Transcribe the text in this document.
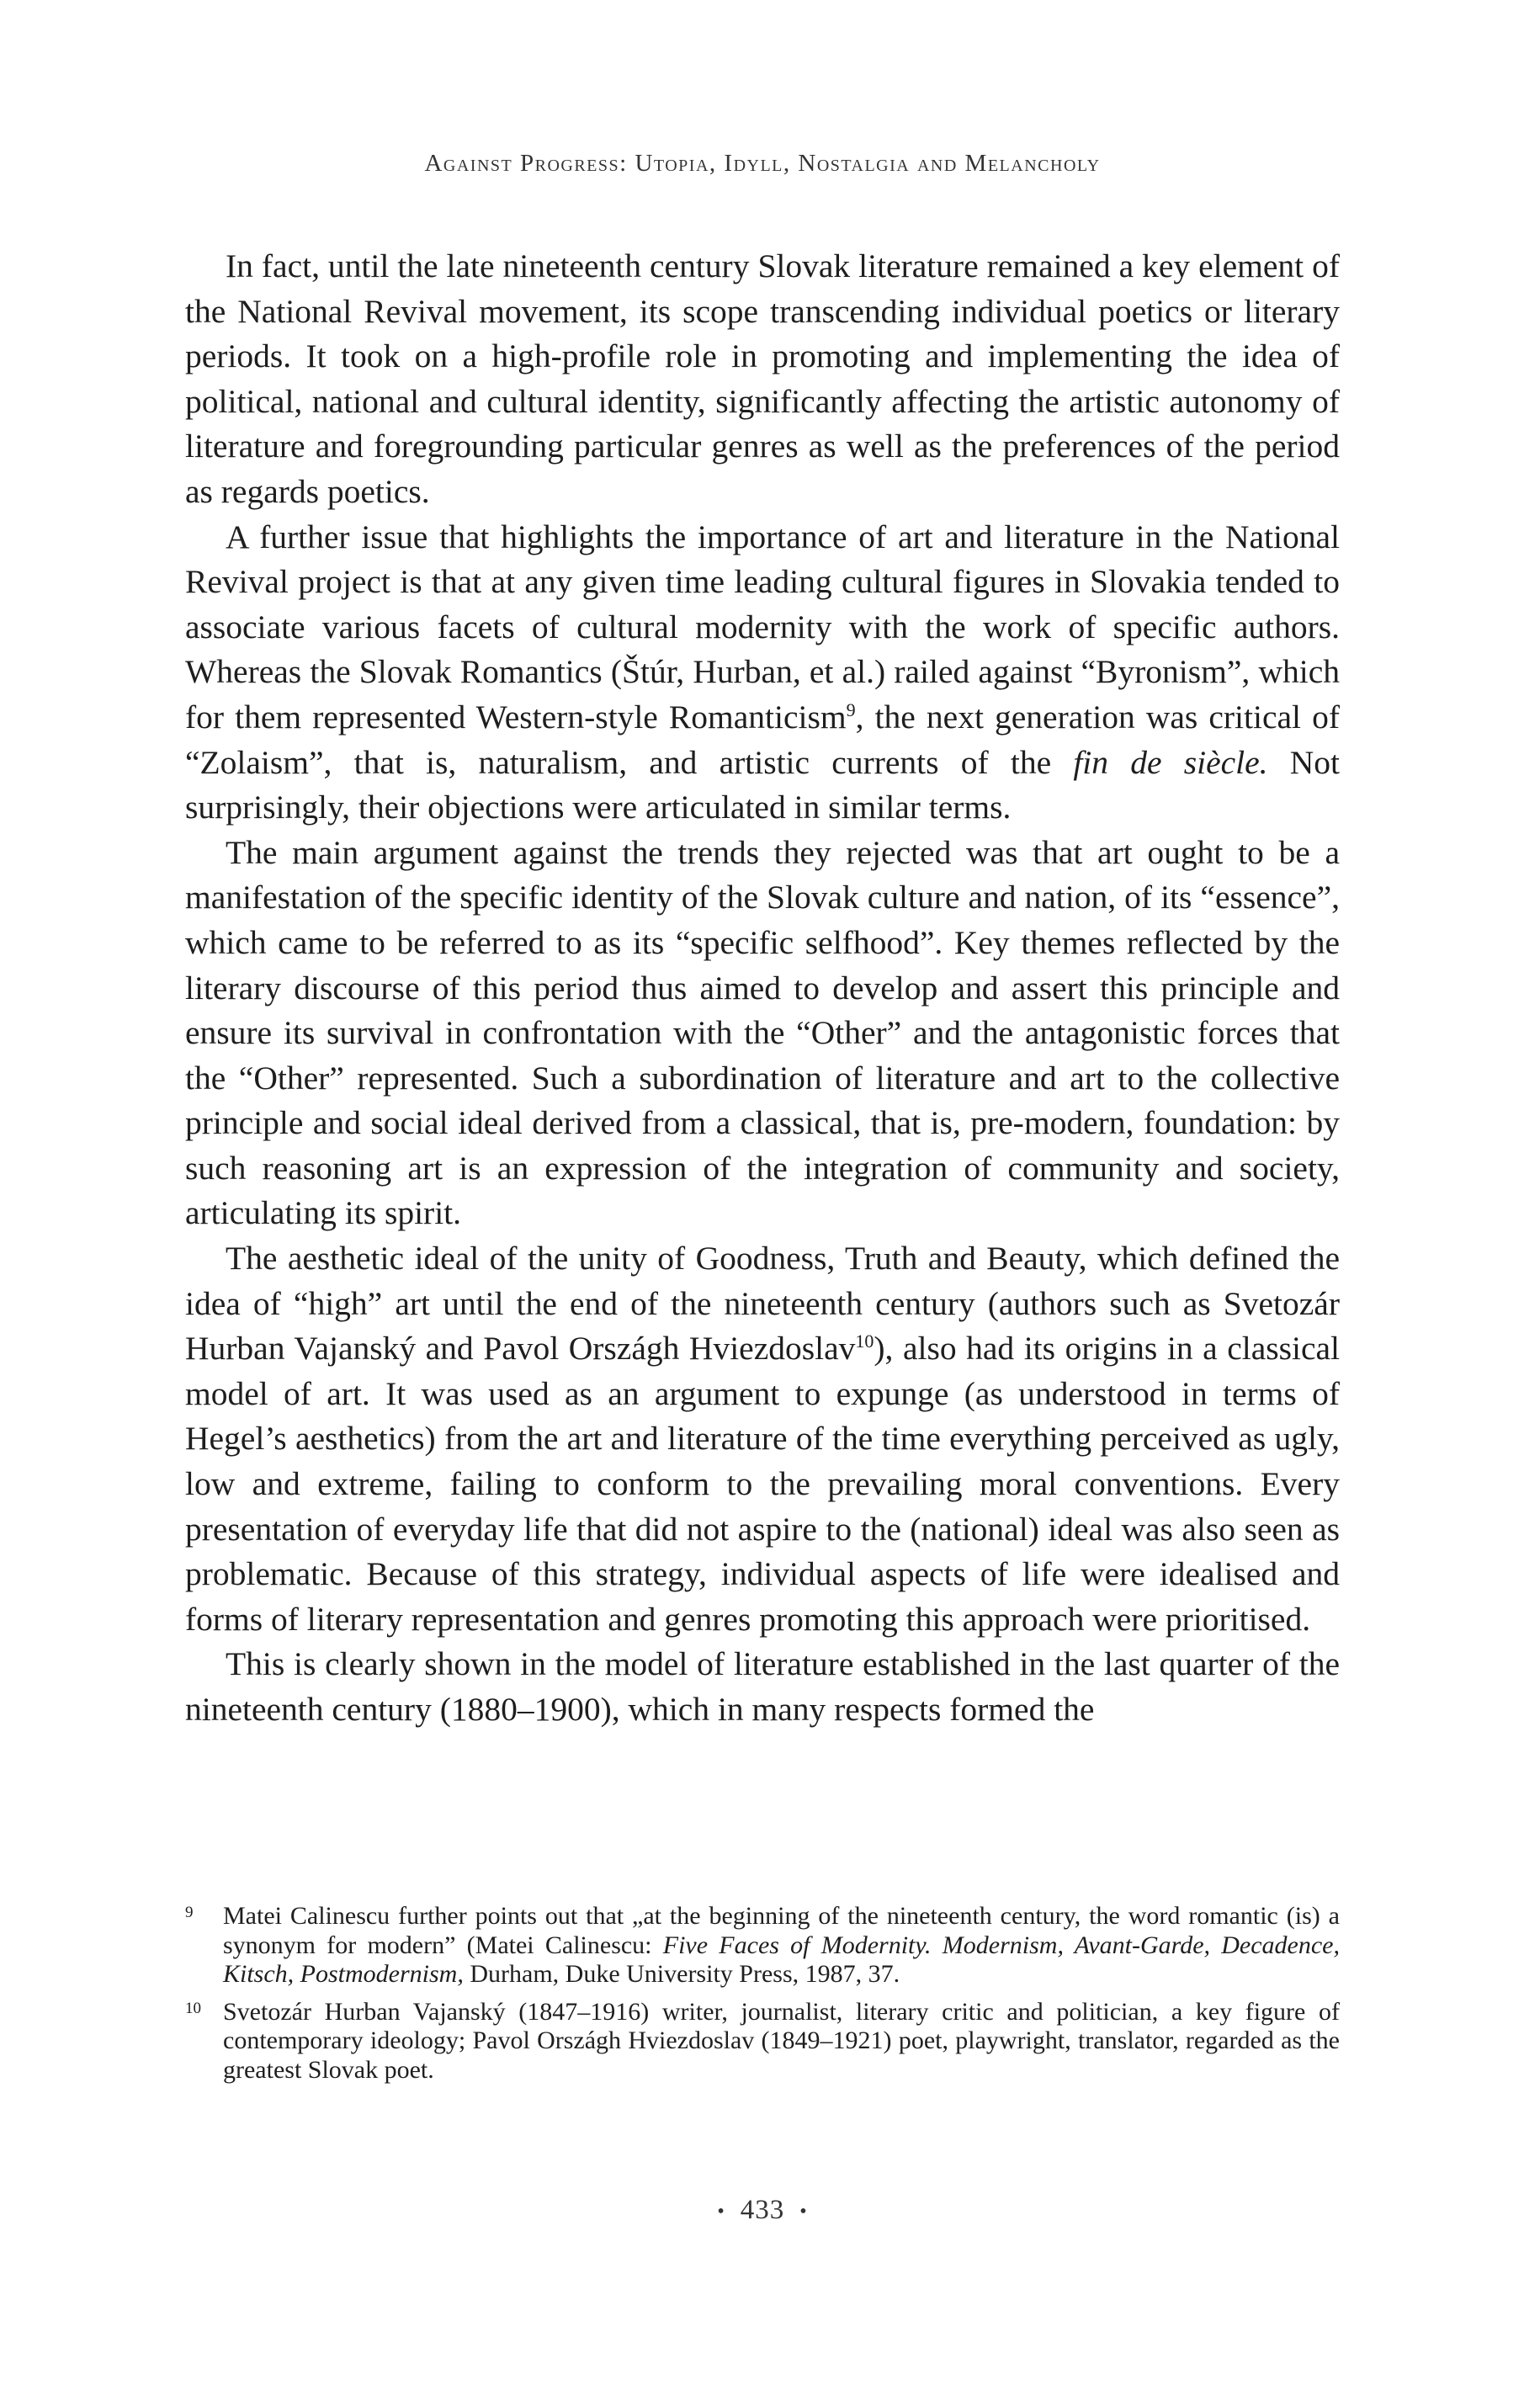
Against Progress: Utopia, Idyll, Nostalgia and Melancholy

In fact, until the late nineteenth century Slovak literature remained a key element of the National Revival movement, its scope transcending individual poetics or literary periods. It took on a high-profile role in promoting and implementing the idea of political, national and cultural identity, significantly affecting the artistic autonomy of literature and foregrounding particular genres as well as the preferences of the period as regards poetics.

A further issue that highlights the importance of art and literature in the National Revival project is that at any given time leading cultural figures in Slovakia tended to associate various facets of cultural modernity with the work of specific authors. Whereas the Slovak Romantics (Štúr, Hurban, et al.) railed against “Byronism”, which for them represented Western-style Romanticism$^9$, the next generation was critical of “Zolaism”, that is, naturalism, and artistic currents of the fin de siècle. Not surprisingly, their objections were articulated in similar terms.

The main argument against the trends they rejected was that art ought to be a manifestation of the specific identity of the Slovak culture and nation, of its “essence”, which came to be referred to as its “specific selfhood”. Key themes reflected by the literary discourse of this period thus aimed to develop and assert this principle and ensure its survival in confrontation with the “Other” and the antagonistic forces that the “Other” represented. Such a subordination of literature and art to the collective principle and social ideal derived from a classical, that is, pre-modern, foundation: by such reasoning art is an expression of the integration of community and society, articulating its spirit.

The aesthetic ideal of the unity of Goodness, Truth and Beauty, which defined the idea of “high” art until the end of the nineteenth century (authors such as Svetozár Hurban Vajanský and Pavol Országh Hviezdoslav$^{10}$), also had its origins in a classical model of art. It was used as an argument to expunge (as understood in terms of Hegel’s aesthetics) from the art and literature of the time everything perceived as ugly, low and extreme, failing to conform to the prevailing moral conventions. Every presentation of everyday life that did not aspire to the (national) ideal was also seen as problematic. Because of this strategy, individual aspects of life were idealised and forms of literary representation and genres promoting this approach were prioritised.

This is clearly shown in the model of literature established in the last quarter of the nineteenth century (1880–1900), which in many respects formed the

9 Matei Calinescu further points out that „at the beginning of the nineteenth century, the word romantic (is) a synonym for modern” (Matei Calinescu: Five Faces of Modernity. Modernism, Avant-Garde, Decadence, Kitsch, Postmodernism, Durham, Duke University Press, 1987, 37.
10 Svetozár Hurban Vajanský (1847–1916) writer, journalist, literary critic and politician, a key figure of contemporary ideology; Pavol Országh Hviezdoslav (1849–1921) poet, playwright, translator, regarded as the greatest Slovak poet.
• 433 •
